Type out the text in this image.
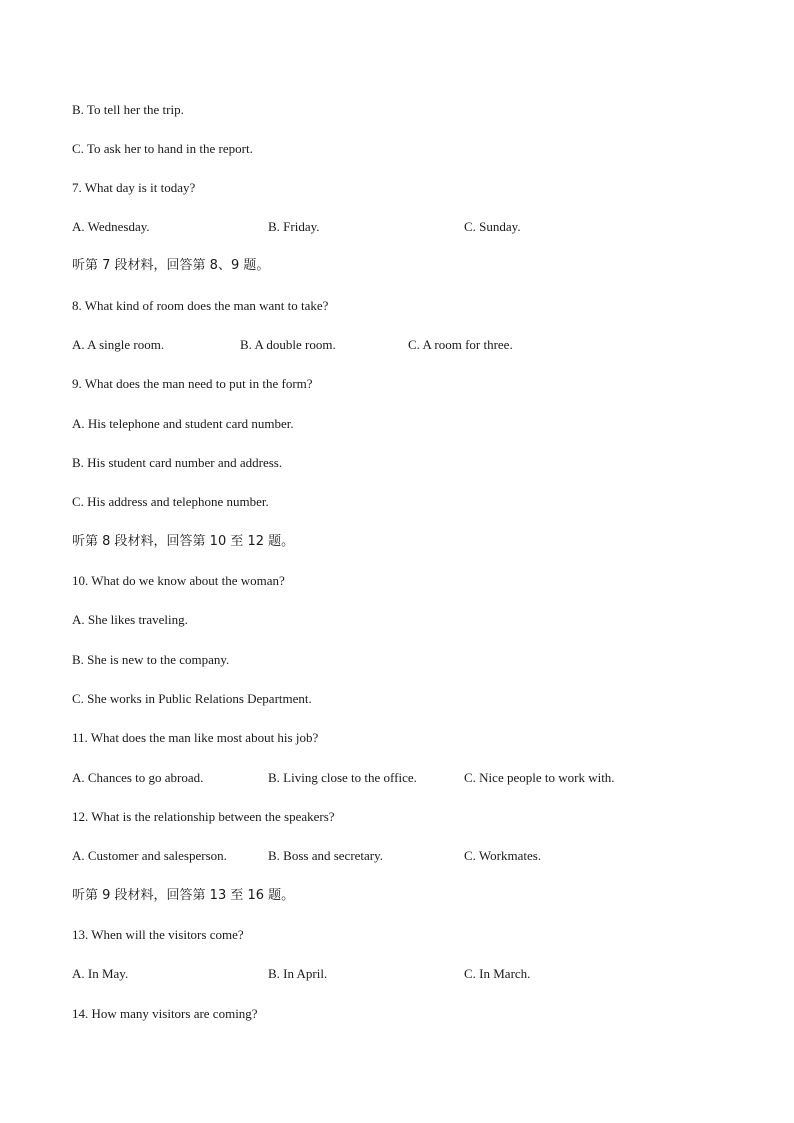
B. To tell her the trip.
C. To ask her to hand in the report.
7. What day is it today?
A. Wednesday.	B. Friday.	C. Sunday.
听第 7 段材料，回答第 8、9 题。
8. What kind of room does the man want to take?
A. A single room.	B. A double room.	C. A room for three.
9. What does the man need to put in the form?
A. His telephone and student card number.
B. His student card number and address.
C. His address and telephone number.
听第 8 段材料，回答第 10 至 12 题。
10. What do we know about the woman?
A. She likes traveling.
B. She is new to the company.
C. She works in Public Relations Department.
11. What does the man like most about his job?
A. Chances to go abroad.	B. Living close to the office.	C. Nice people to work with.
12. What is the relationship between the speakers?
A. Customer and salesperson.	B. Boss and secretary.	C. Workmates.
听第 9 段材料，回答第 13 至 16 题。
13. When will the visitors come?
A. In May.	B. In April.	C. In March.
14. How many visitors are coming?
